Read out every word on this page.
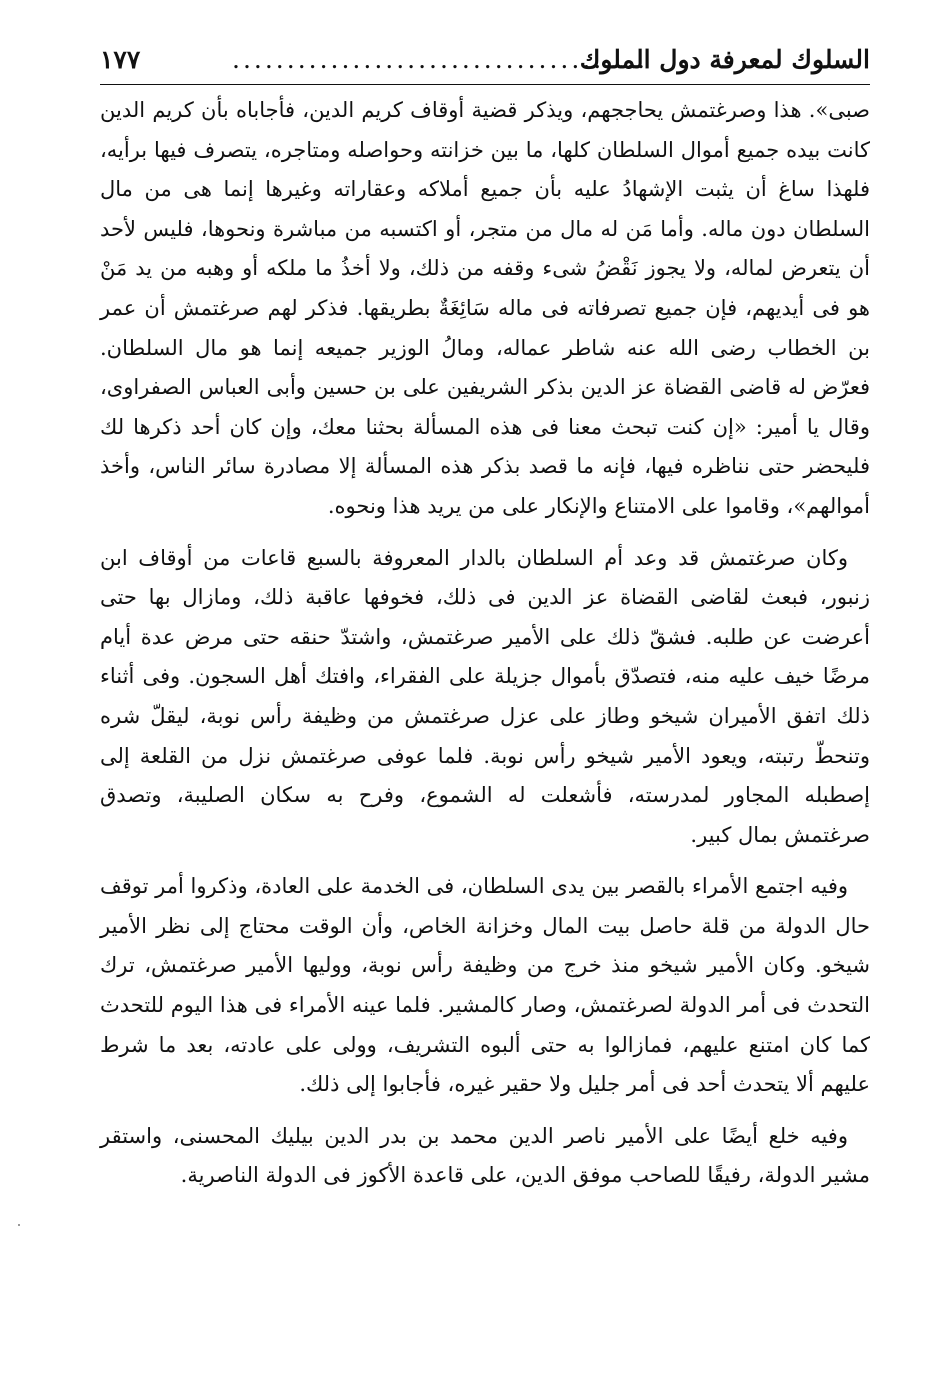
السلوك لمعرفة دول الملوك
......................................
١٧٧

صبى». هذا وصرغتمش يحاججهم، ويذكر قضية أوقاف كريم الدين، فأجاباه بأن كريم الدين كانت بيده جميع أموال السلطان كلها، ما بين خزانته وحواصله ومتاجره، يتصرف فيها برأيه، فلهذا ساغ أن يثبت الإشهادُ عليه بأن جميع أملاكه وعقاراته وغيرها إنما هى من مال السلطان دون ماله. وأما مَن له مال من متجر، أو اكتسبه من مباشرة ونحوها، فليس لأحد أن يتعرض لماله، ولا يجوز نَقْضُ شىء وقفه من ذلك، ولا أخذُ ما ملكه أو وهبه من يد مَنْ هو فى أيديهم، فإن جميع تصرفاته فى ماله سَائِغَةٌ بطريقها. فذكر لهم صرغتمش أن عمر بن الخطاب رضى الله عنه شاطر عماله، ومالُ الوزير جميعه إنما هو مال السلطان. فعرّض له قاضى القضاة عز الدين بذكر الشريفين على بن حسين وأبى العباس الصفراوى، وقال يا أمير: «إن كنت تبحث معنا فى هذه المسألة بحثنا معك، وإن كان أحد ذكرها لك فليحضر حتى نناظره فيها، فإنه ما قصد بذكر هذه المسألة إلا مصادرة سائر الناس، وأخذ أموالهم»، وقاموا على الامتناع والإنكار على من يريد هذا ونحوه.

وكان صرغتمش قد وعد أم السلطان بالدار المعروفة بالسبع قاعات من أوقاف ابن زنبور، فبعث لقاضى القضاة عز الدين فى ذلك، فخوفها عاقبة ذلك، ومازال بها حتى أعرضت عن طلبه. فشقّ ذلك على الأمير صرغتمش، واشتدّ حنقه حتى مرض عدة أيام مرضًا خيف عليه منه، فتصدّق بأموال جزيلة على الفقراء، وافتك أهل السجون. وفى أثناء ذلك اتفق الأميران شيخو وطاز على عزل صرغتمش من وظيفة رأس نوبة، ليقلّ شره وتنحطّ رتبته، ويعود الأمير شيخو رأس نوبة. فلما عوفى صرغتمش نزل من القلعة إلى إصطبله المجاور لمدرسته، فأشعلت له الشموع، وفرح به سكان الصليبة، وتصدق صرغتمش بمال كبير.

وفيه اجتمع الأمراء بالقصر بين يدى السلطان، فى الخدمة على العادة، وذكروا أمر توقف حال الدولة من قلة حاصل بيت المال وخزانة الخاص، وأن الوقت محتاج إلى نظر الأمير شيخو. وكان الأمير شيخو منذ خرج من وظيفة رأس نوبة، ووليها الأمير صرغتمش، ترك التحدث فى أمر الدولة لصرغتمش، وصار كالمشير. فلما عينه الأمراء فى هذا اليوم للتحدث كما كان امتنع عليهم، فمازالوا به حتى ألبوه التشريف، وولى على عادته، بعد ما شرط عليهم ألا يتحدث أحد فى أمر جليل ولا حقير غيره، فأجابوا إلى ذلك.

وفيه خلع أيضًا على الأمير ناصر الدين محمد بن بدر الدين بيليك المحسنى، واستقر مشير الدولة، رفيقًا للصاحب موفق الدين، على قاعدة الأكوز فى الدولة الناصرية.
